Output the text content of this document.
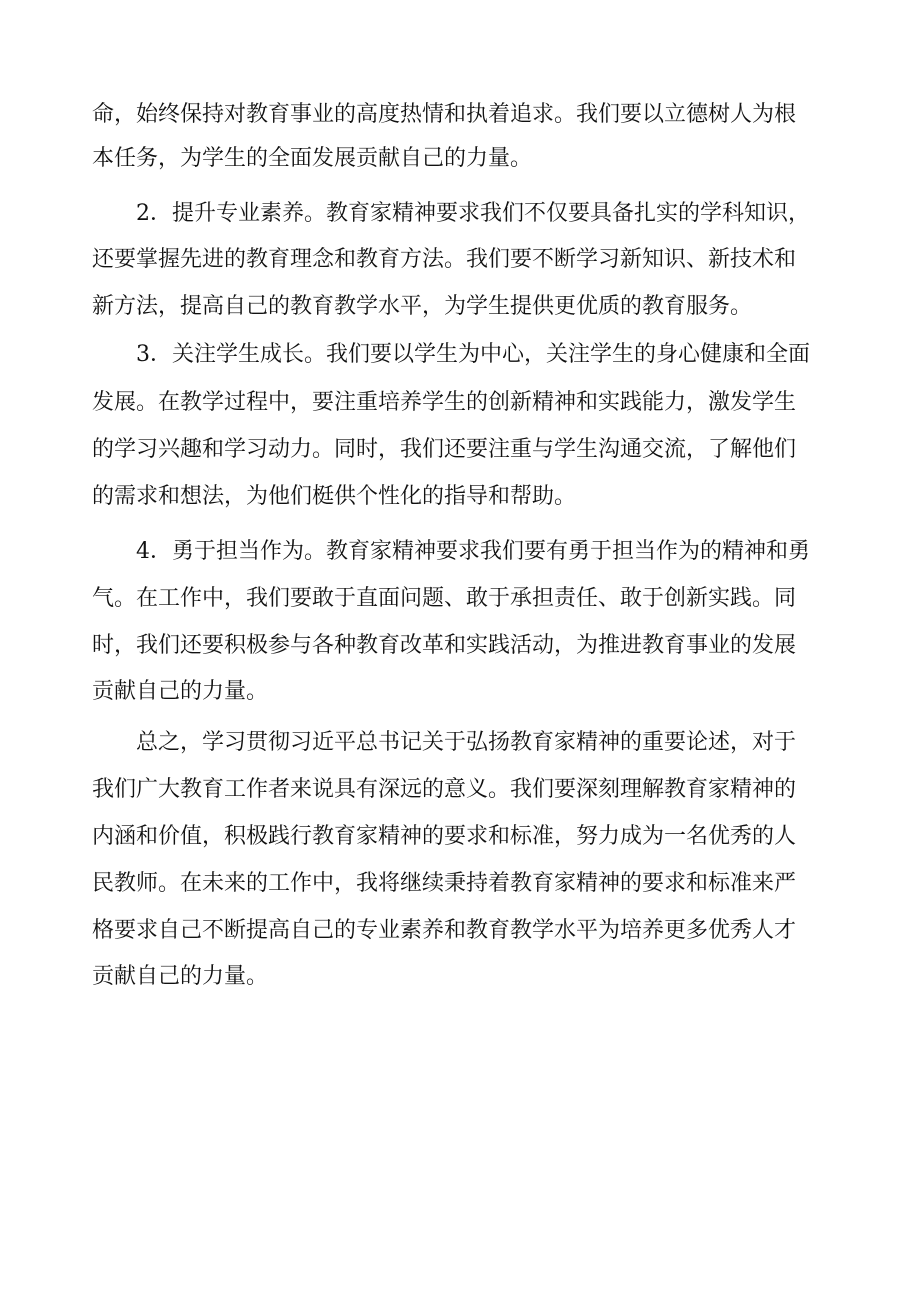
命，始终保持对教育事业的高度热情和执着追求。我们要以立德树人为根
本任务，为学生的全面发展贡献自己的力量。
2．提升专业素养。教育家精神要求我们不仅要具备扎实的学科知识，
还要掌握先进的教育理念和教育方法。我们要不断学习新知识、新技术和
新方法，提高自己的教育教学水平，为学生提供更优质的教育服务。
3．关注学生成长。我们要以学生为中心，关注学生的身心健康和全面
发展。在教学过程中，要注重培养学生的创新精神和实践能力，激发学生
的学习兴趣和学习动力。同时，我们还要注重与学生沟通交流，了解他们
的需求和想法，为他们梃供个性化的指导和帮助。
4．勇于担当作为。教育家精神要求我们要有勇于担当作为的精神和勇
气。在工作中，我们要敢于直面问题、敢于承担责任、敢于创新实践。同
时，我们还要积极参与各种教育改革和实践活动，为推进教育事业的发展
贡献自己的力量。
总之，学习贯彻习近平总书记关于弘扬教育家精神的重要论述，对于
我们广大教育工作者来说具有深远的意义。我们要深刻理解教育家精神的
内涵和价值，积极践行教育家精神的要求和标准，努力成为一名优秀的人
民教师。在未来的工作中，我将继续秉持着教育家精神的要求和标准来严
格要求自己不断提高自己的专业素养和教育教学水平为培养更多优秀人才
贡献自己的力量。
